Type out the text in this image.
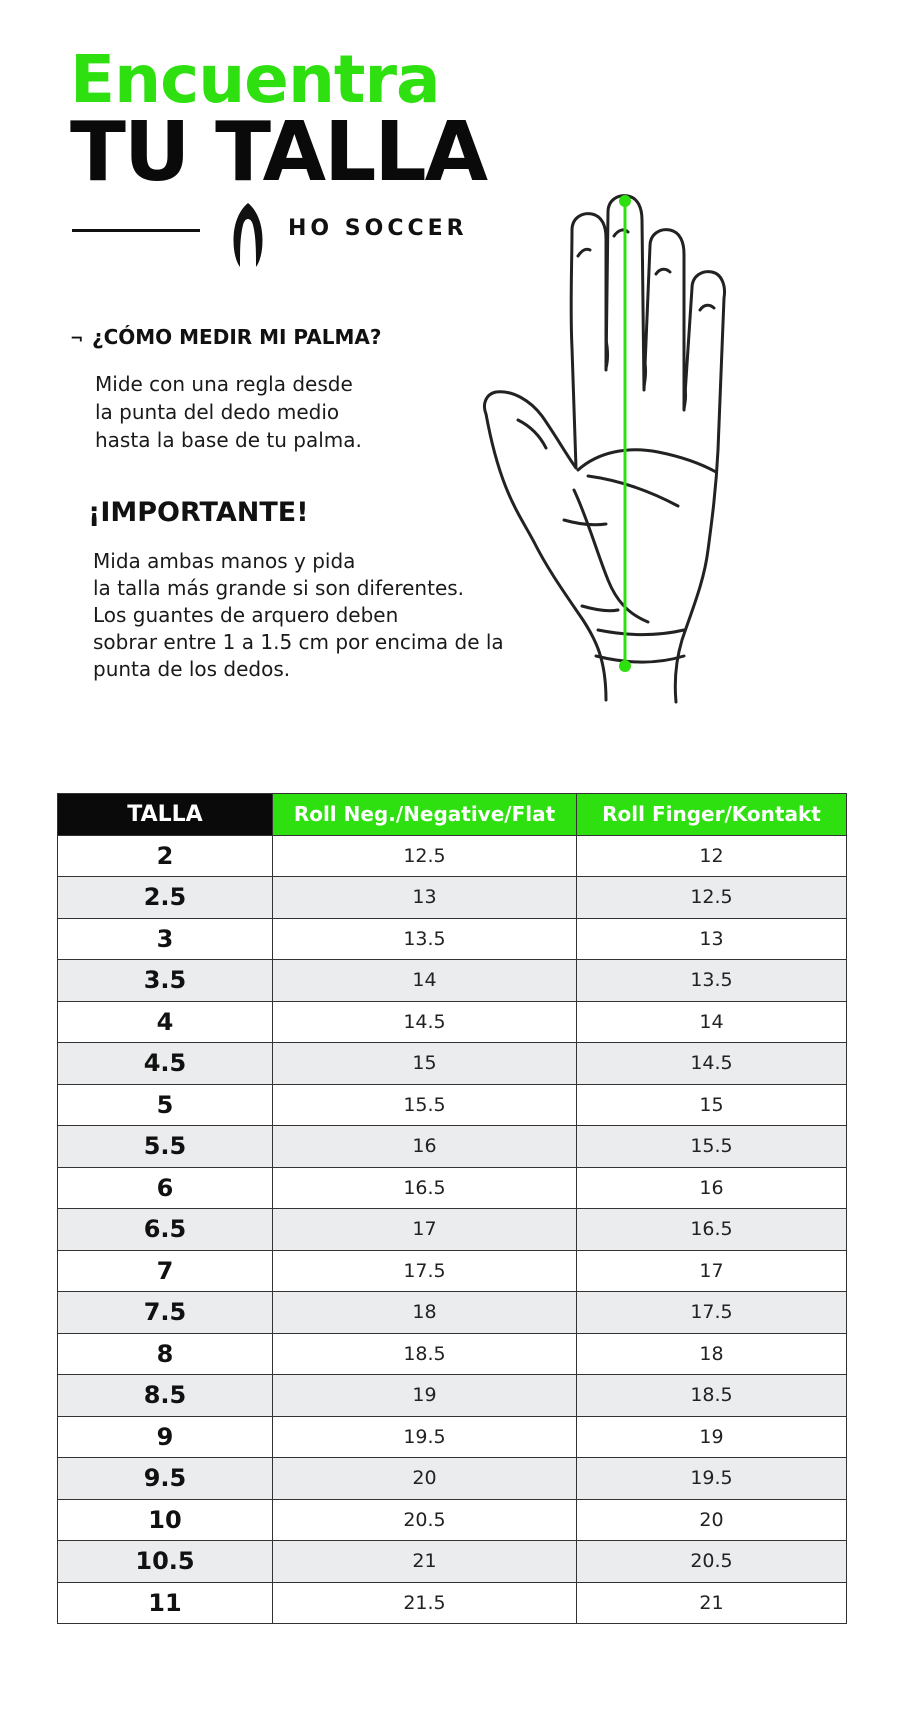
Encuentra
TU TALLA
HO SOCCER
¬ ¿CÓMO MEDIR MI PALMA?
Mide con una regla desde
la punta del dedo medio
hasta la base de tu palma.
¡IMPORTANTE!
Mida ambas manos y pida
la talla más grande si son diferentes.
Los guantes de arquero deben
sobrar entre 1 a 1.5 cm por encima de la
punta de los dedos.
TALLA	Roll Neg./Negative/Flat	Roll Finger/Kontakt
2	12.5	12
2.5	13	12.5
3	13.5	13
3.5	14	13.5
4	14.5	14
4.5	15	14.5
5	15.5	15
5.5	16	15.5
6	16.5	16
6.5	17	16.5
7	17.5	17
7.5	18	17.5
8	18.5	18
8.5	19	18.5
9	19.5	19
9.5	20	19.5
10	20.5	20
10.5	21	20.5
11	21.5	21
